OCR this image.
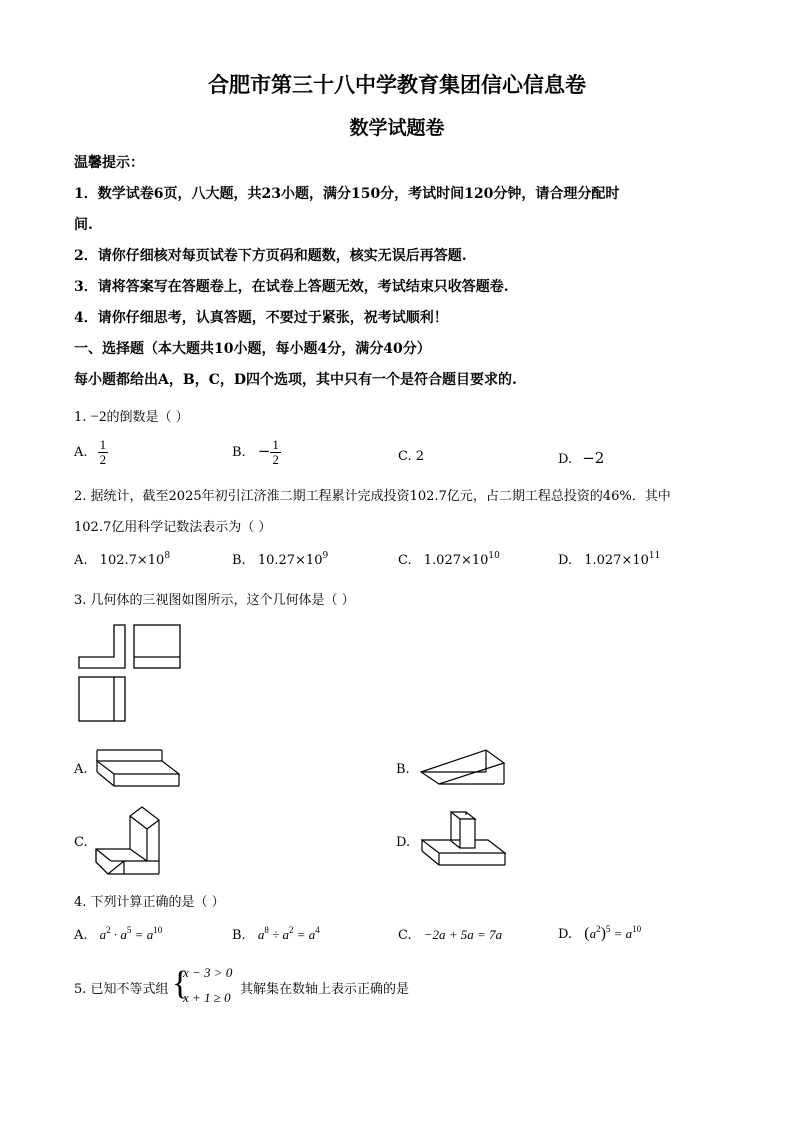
合肥市第三十八中学教育集团信心信息卷
数学试题卷
温馨提示：
1．数学试卷6页，八大题，共23小题，满分150分，考试时间120分钟，请合理分配时
间.
2．请你仔细核对每页试卷下方页码和题数，核实无误后再答题.
3．请将答案写在答题卷上，在试卷上答题无效，考试结束只收答题卷.
4．请你仔细思考，认真答题，不要过于紧张，祝考试顺利！
一、选择题（本大题共10小题，每小题4分，满分40分）
每小题都给出A，B，C，D四个选项，其中只有一个是符合题目要求的.
1. −2的倒数是（ ）
A. $\frac{1}{2}$	B. − $\frac{1}{2}$	C. 2	D. −2
2. 据统计，截至2025年初引江济淮二期工程累计完成投资102.7亿元，占二期工程总投资的46%．其中
102.7亿用科学记数法表示为（ ）
A. $102.7\times 10^8$	B. $10.27\times 10^9$	C. $1.027\times 10^{10}$	D. $1.027\times 10^{11}$
3. 几何体的三视图如图所示，这个几何体是（ ）
A.	B.
C.	D.
4. 下列计算正确的是（ ）
A. $a^2 \cdot a^5 = a^{10}$	B. $a^8 \div a^2 = a^4$	C. −2a + 5a = 7a	D. $(a^2)^5 = a^{10}$
5. 已知不等式组 {
x − 3 > 0
x + 1 ≥ 0
其解集在数轴上表示正确的是
